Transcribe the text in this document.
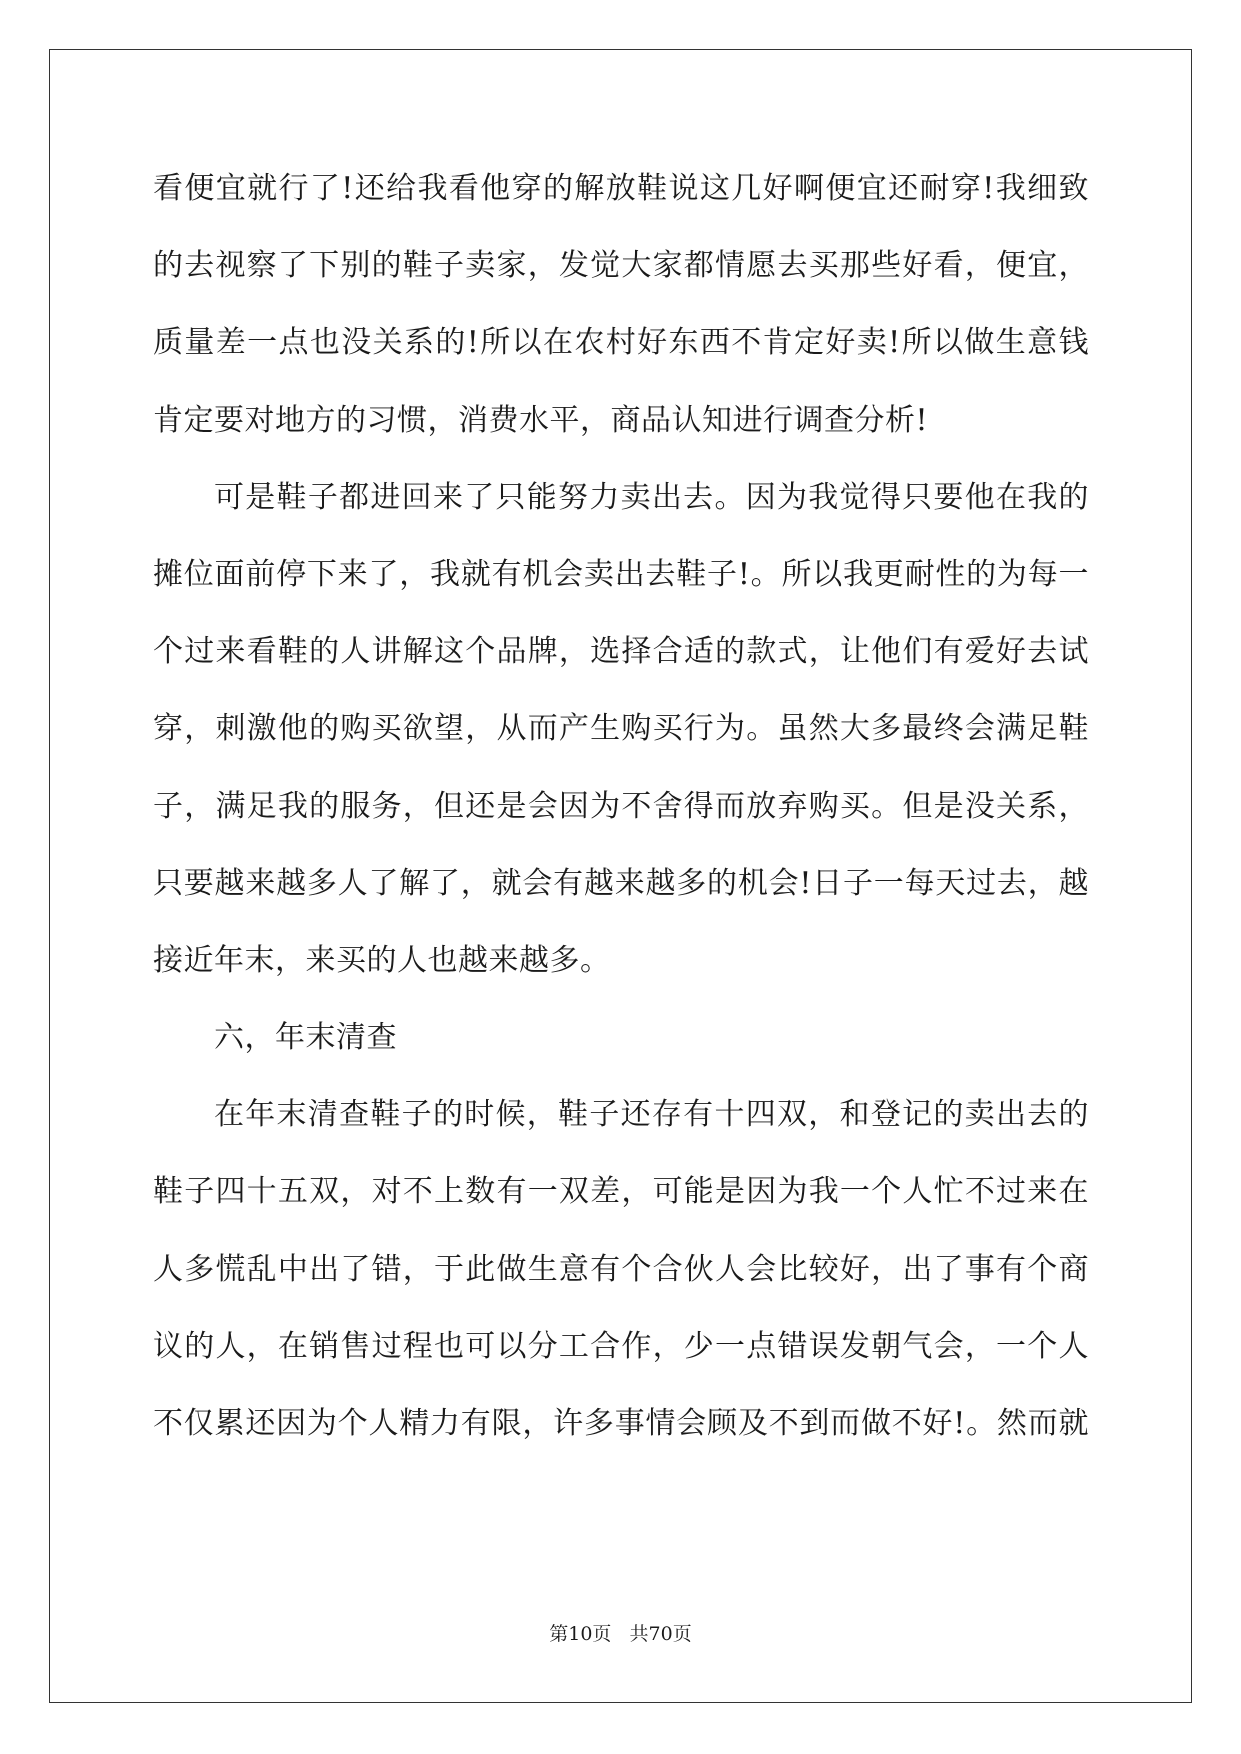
看便宜就行了!还给我看他穿的解放鞋说这几好啊便宜还耐穿!我细致
的去视察了下别的鞋子卖家，发觉大家都情愿去买那些好看，便宜，
质量差一点也没关系的!所以在农村好东西不肯定好卖!所以做生意钱
肯定要对地方的习惯，消费水平，商品认知进行调查分析!
可是鞋子都进回来了只能努力卖出去。因为我觉得只要他在我的
摊位面前停下来了，我就有机会卖出去鞋子!。所以我更耐性的为每一
个过来看鞋的人讲解这个品牌，选择合适的款式，让他们有爱好去试
穿，刺激他的购买欲望，从而产生购买行为。虽然大多最终会满足鞋
子，满足我的服务，但还是会因为不舍得而放弃购买。但是没关系，
只要越来越多人了解了，就会有越来越多的机会!日子一每天过去，越
接近年末，来买的人也越来越多。
六，年末清查
在年末清查鞋子的时候，鞋子还存有十四双，和登记的卖出去的
鞋子四十五双，对不上数有一双差，可能是因为我一个人忙不过来在
人多慌乱中出了错，于此做生意有个合伙人会比较好，出了事有个商
议的人，在销售过程也可以分工合作，少一点错误发朝气会，一个人
不仅累还因为个人精力有限，许多事情会顾及不到而做不好!。然而就
第10页   共70页
